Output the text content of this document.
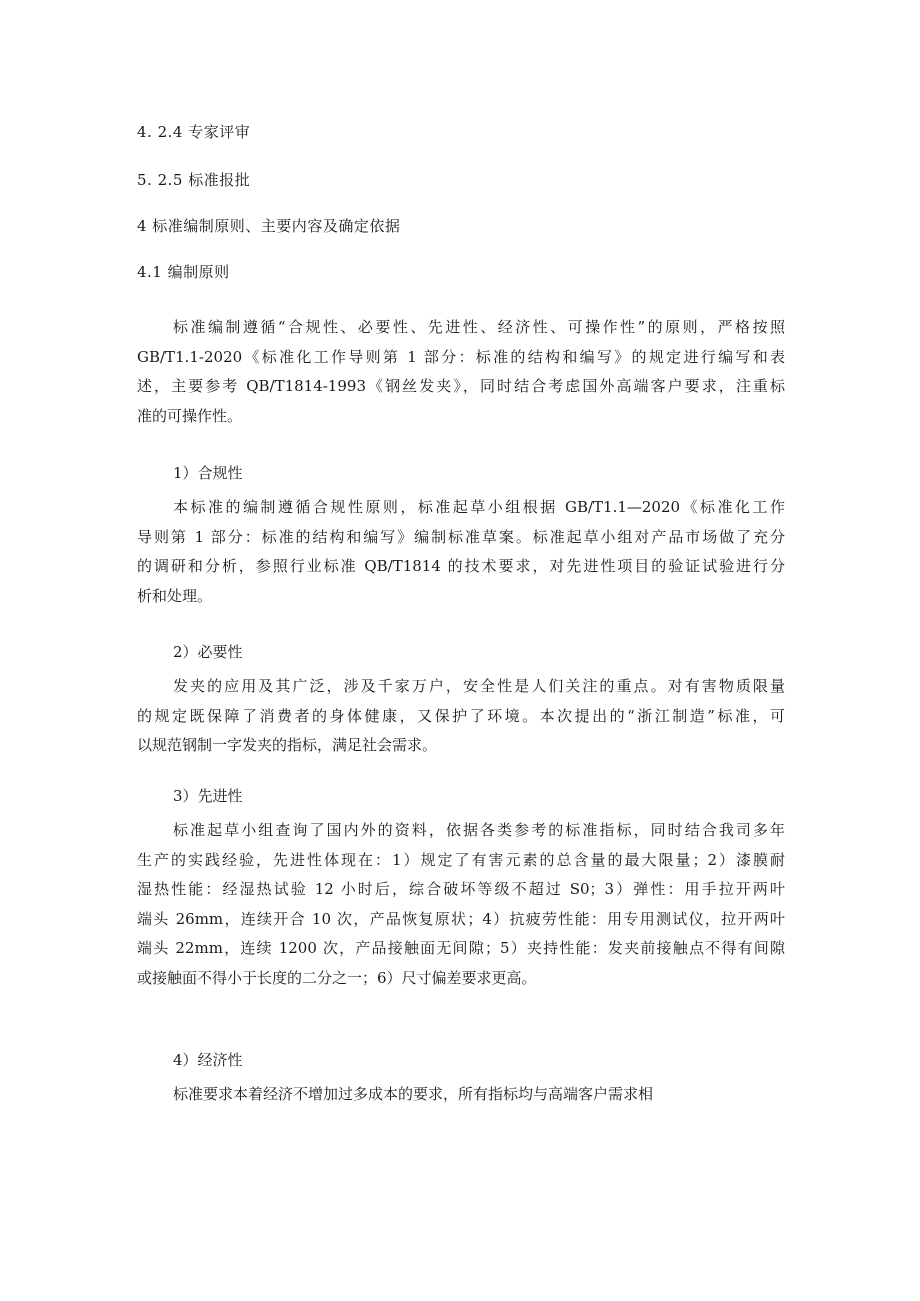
4. 2.4 专家评审
5. 2.5 标准报批
4 标准编制原则、主要内容及确定依据
4.1 编制原则
标准编制遵循“合规性、必要性、先进性、经济性、可操作性”的原则，严格按照
GB/T1.1-2020《标准化工作导则第 1 部分：标准的结构和编写》的规定进行编写和表
述，主要参考 QB/T1814-1993《钢丝发夹》，同时结合考虑国外高端客户要求，注重标
准的可操作性。
1）合规性
本标准的编制遵循合规性原则，标准起草小组根据 GB/T1.1—2020《标准化工作
导则第 1 部分：标准的结构和编写》编制标准草案。标准起草小组对产品市场做了充分
的调研和分析，参照行业标准 QB/T1814 的技术要求，对先进性项目的验证试验进行分
析和处理。
2）必要性
发夹的应用及其广泛，涉及千家万户，安全性是人们关注的重点。对有害物质限量
的规定既保障了消费者的身体健康，又保护了环境。本次提出的“浙江制造”标准，可
以规范钢制一字发夹的指标，满足社会需求。
3）先进性
标准起草小组查询了国内外的资料，依据各类参考的标准指标，同时结合我司多年
生产的实践经验，先进性体现在：1）规定了有害元素的总含量的最大限量；2）漆膜耐
湿热性能：经湿热试验 12 小时后，综合破坏等级不超过 S0；3）弹性：用手拉开两叶
端头 26mm，连续开合 10 次，产品恢复原状；4）抗疲劳性能：用专用测试仪，拉开两叶
端头 22mm，连续 1200 次，产品接触面无间隙；5）夹持性能：发夹前接触点不得有间隙
或接触面不得小于长度的二分之一；6）尺寸偏差要求更高。
4）经济性
标准要求本着经济不增加过多成本的要求，所有指标均与高端客户需求相
